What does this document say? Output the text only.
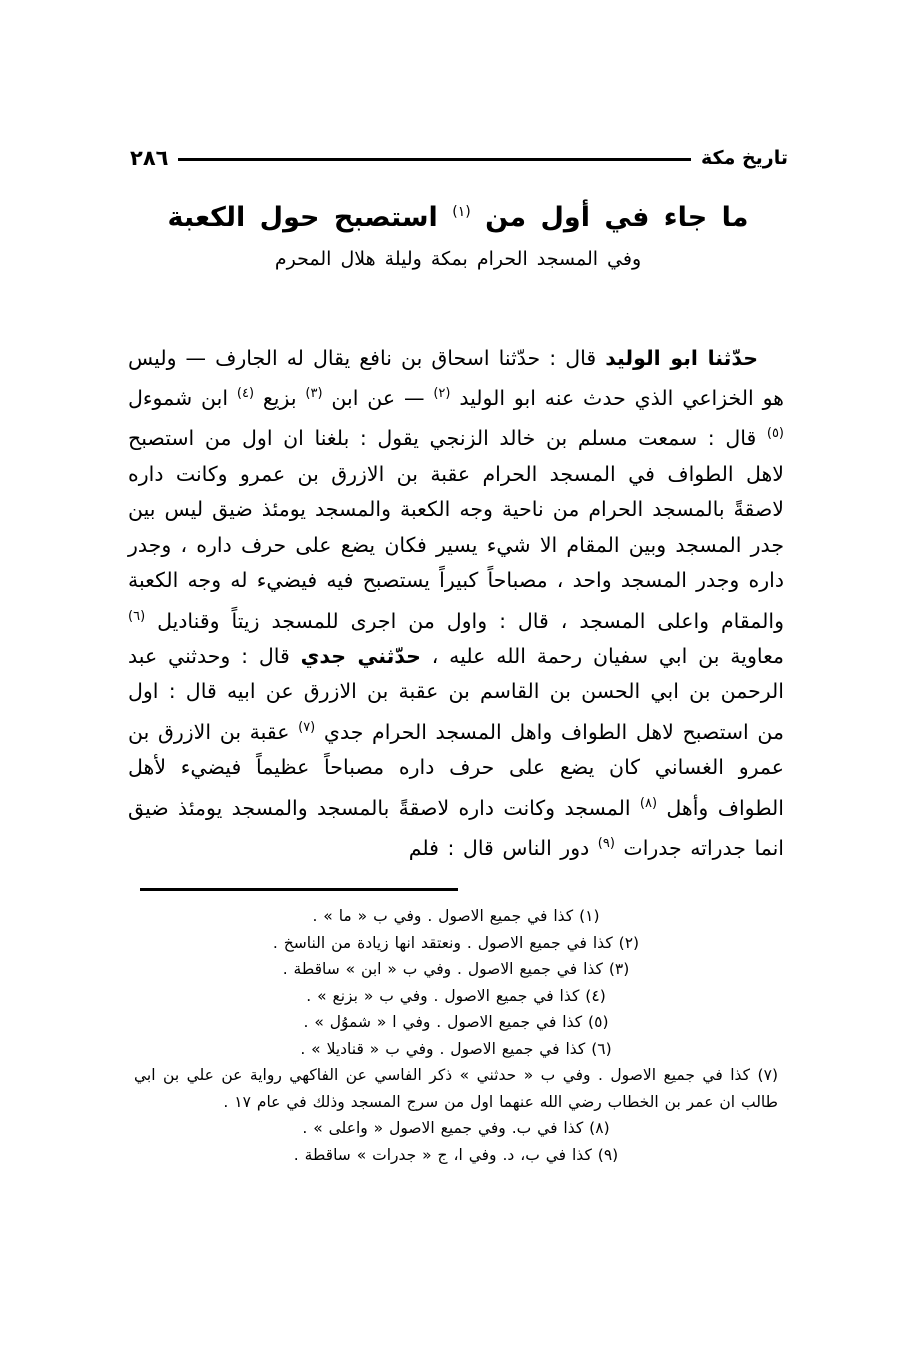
٢٨٦	تاريخ مكة
ما جاء في أول من $^{(١)}$ استصبح حول الكعبة
وفي المسجد الحرام بمكة وليلة هلال المحرم

حدّثنا ابو الوليد قال : حدّثنا اسحاق بن نافع يقال له الجارف — وليس هو الخزاعي الذي حدث عنه ابو الوليد $^{(٢)}$ — عن ابن $^{(٣)}$ بزيع $^{(٤)}$ ابن شموءل $^{(٥)}$ قال : سمعت مسلم بن خالد الزنجي يقول : بلغنا ان اول من استصبح لاهل الطواف في المسجد الحرام عقبة بن الازرق بن عمرو وكانت داره لاصقةً بالمسجد الحرام من ناحية وجه الكعبة والمسجد يومئذ ضيق ليس بين جدر المسجد وبين المقام الا شيء يسير فكان يضع على حرف داره ، وجدر داره وجدر المسجد واحد ، مصباحاً كبيراً يستصبح فيه فيضيء له وجه الكعبة والمقام واعلى المسجد ، قال : واول من اجرى للمسجد زيتاً وقناديل $^{(٦)}$ معاوية بن ابي سفيان رحمة الله عليه ، حدّثني جدي قال : وحدثني عبد الرحمن بن ابي الحسن بن القاسم بن عقبة بن الازرق عن ابيه قال : اول من استصبح لاهل الطواف واهل المسجد الحرام جدي $^{(٧)}$ عقبة بن الازرق بن عمرو الغساني كان يضع على حرف داره مصباحاً عظيماً فيضيء لأهل الطواف وأهل $^{(٨)}$ المسجد وكانت داره لاصقةً بالمسجد والمسجد يومئذ ضيق انما جدراته جدرات $^{(٩)}$ دور الناس قال : فلم

(١) كذا في جميع الاصول . وفي ب « ما » .
(٢) كذا في جميع الاصول . ونعتقد انها زيادة من الناسخ .
(٣) كذا في جميع الاصول . وفي ب « ابن » ساقطة .
(٤) كذا في جميع الاصول . وفي ب « بزنع » .
(٥) كذا في جميع الاصول . وفي ا « شموُل » .
(٦) كذا في جميع الاصول . وفي ب « قناديلا » .
(٧) كذا في جميع الاصول . وفي ب « حدثني » ذكر الفاسي عن الفاكهي رواية عن علي بن ابي طالب ان عمر بن الخطاب رضي الله عنهما اول من سرج المسجد وذلك في عام ١٧ .
(٨) كذا في ب. وفي جميع الاصول « واعلى » .
(٩) كذا في ب، د. وفي ا، ج « جدرات » ساقطة .
